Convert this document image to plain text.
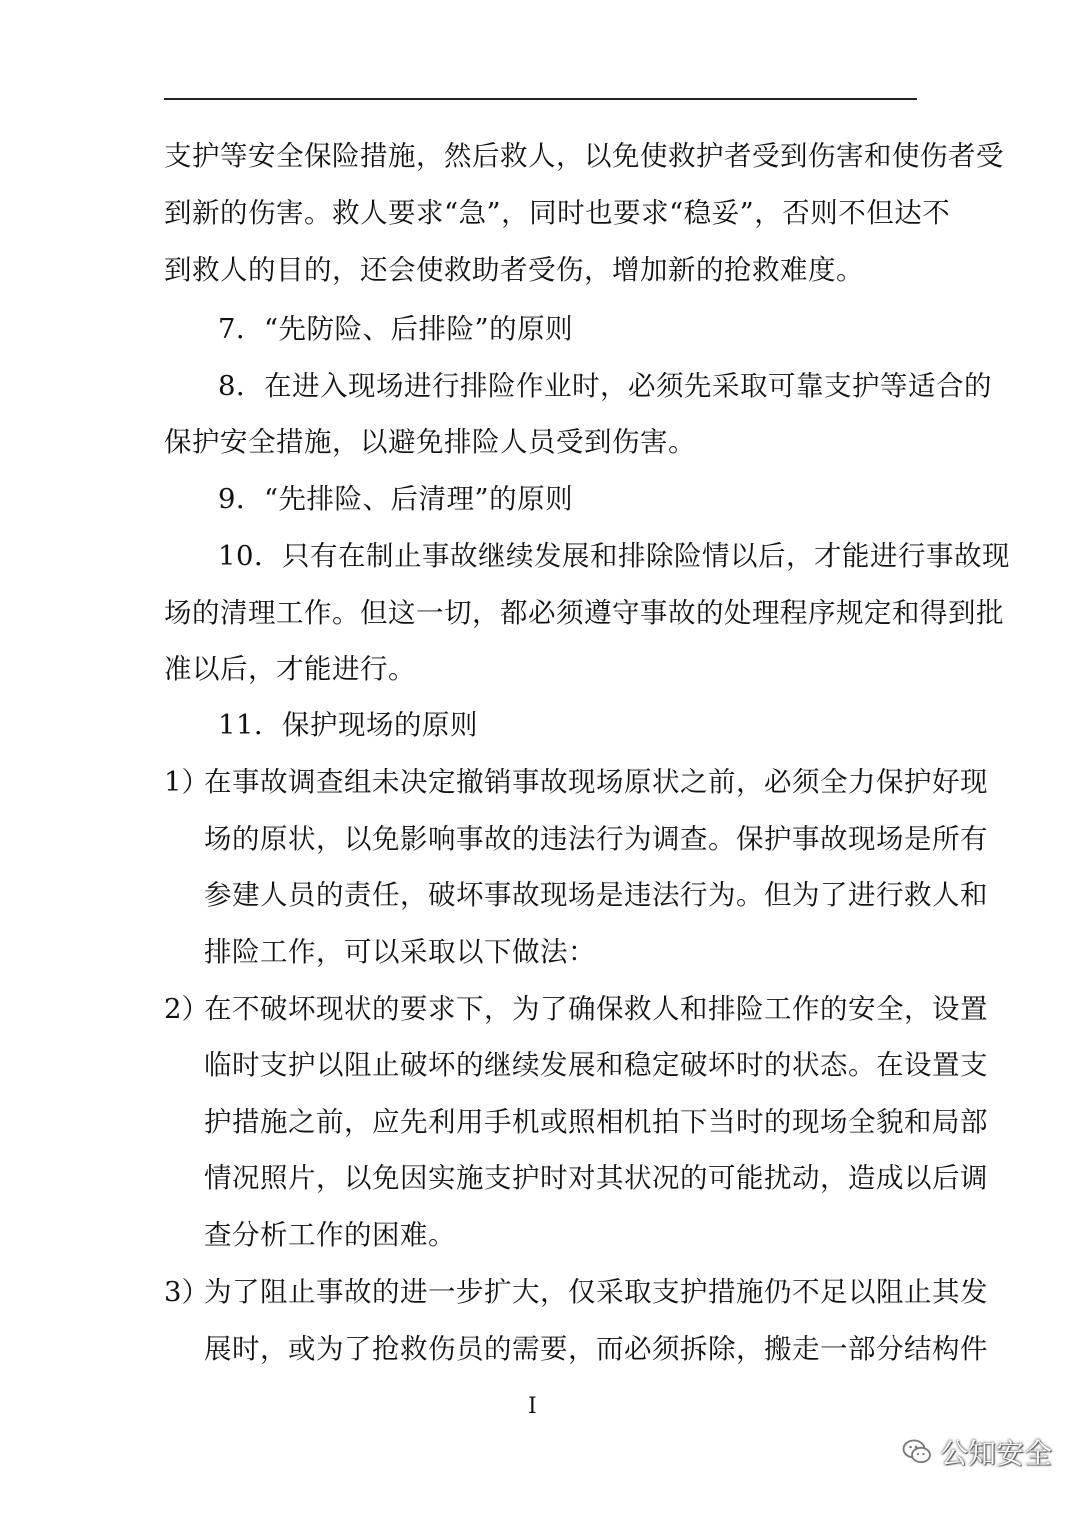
支护等安全保险措施，然后救人，以免使救护者受到伤害和使伤者受
到新的伤害。救人要求“急”，同时也要求“稳妥”，否则不但达不
到救人的目的，还会使救助者受伤，增加新的抢救难度。
7．“先防险、后排险”的原则
8．在进入现场进行排险作业时，必须先采取可靠支护等适合的
保护安全措施，以避免排险人员受到伤害。
9．“先排险、后清理”的原则
10．只有在制止事故继续发展和排除险情以后，才能进行事故现
场的清理工作。但这一切，都必须遵守事故的处理程序规定和得到批
准以后，才能进行。
11．保护现场的原则
1）
在事故调查组未决定撤销事故现场原状之前，必须全力保护好现
场的原状，以免影响事故的违法行为调查。保护事故现场是所有
参建人员的责任，破坏事故现场是违法行为。但为了进行救人和
排险工作，可以采取以下做法：
2）
在不破坏现状的要求下，为了确保救人和排险工作的安全，设置
临时支护以阻止破坏的继续发展和稳定破坏时的状态。在设置支
护措施之前，应先利用手机或照相机拍下当时的现场全貌和局部
情况照片，以免因实施支护时对其状况的可能扰动，造成以后调
查分析工作的困难。
3）
为了阻止事故的进一步扩大，仅采取支护措施仍不足以阻止其发
展时，或为了抢救伤员的需要，而必须拆除，搬走一部分结构件
I
公知安全
